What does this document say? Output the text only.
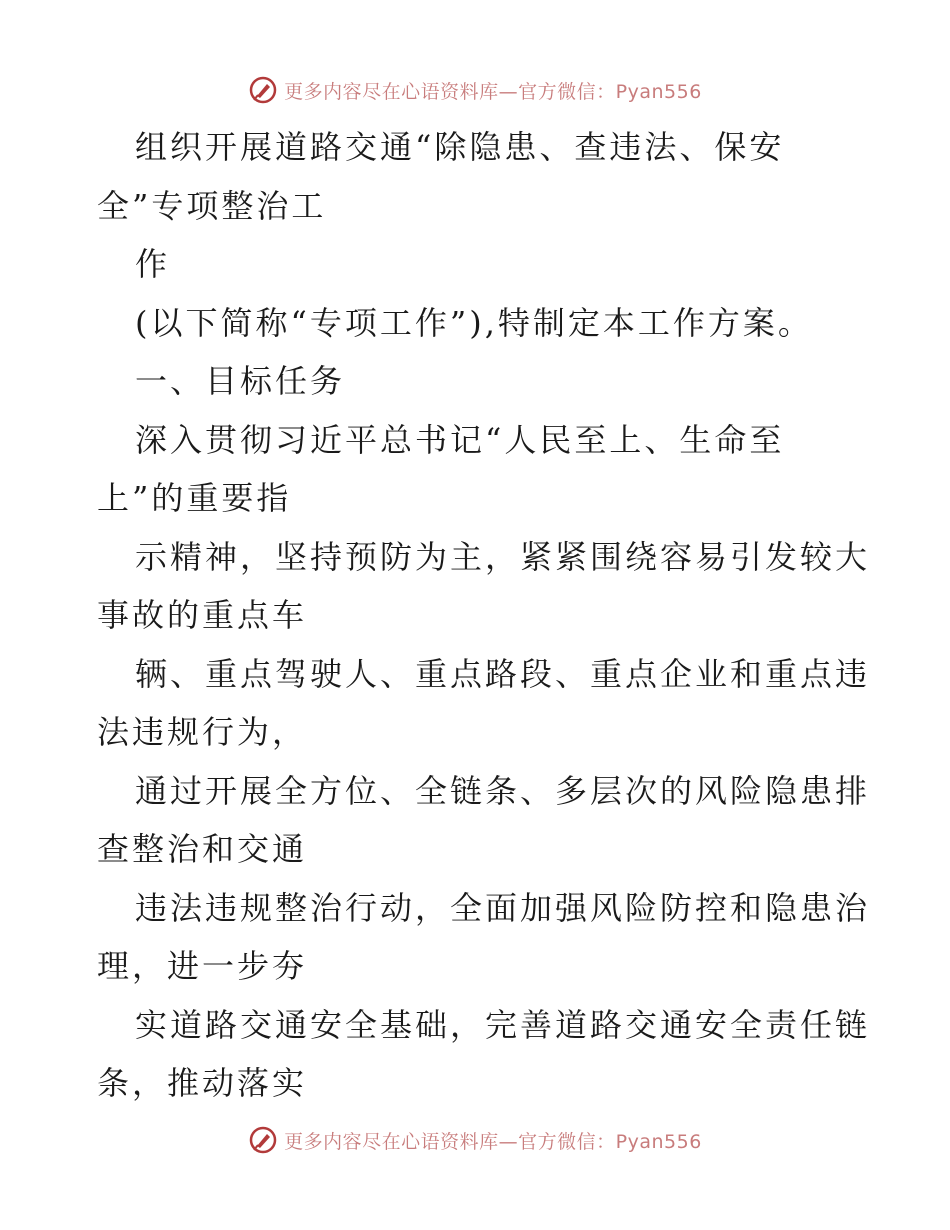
更多内容尽在心语资料库—官方微信：Pyan556
组织开展道路交通“除隐患、查违法、保安
全”专项整治工
作
(以下简称“专项工作”),特制定本工作方案。
一、目标任务
深入贯彻习近平总书记“人民至上、生命至
上”的重要指
示精神，坚持预防为主，紧紧围绕容易引发较大
事故的重点车
辆、重点驾驶人、重点路段、重点企业和重点违
法违规行为，
通过开展全方位、全链条、多层次的风险隐患排
查整治和交通
违法违规整治行动，全面加强风险防控和隐患治
理，进一步夯
实道路交通安全基础，完善道路交通安全责任链
条，推动落实
更多内容尽在心语资料库—官方微信：Pyan556
